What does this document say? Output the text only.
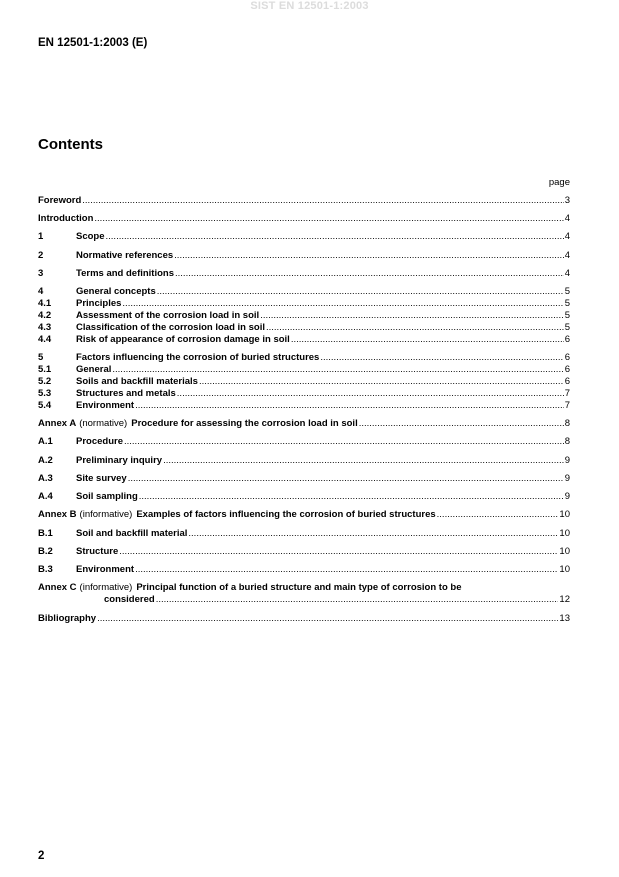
SIST EN 12501-1:2003
EN 12501-1:2003 (E)
Contents
page
Foreword .....	3
Introduction .....	4
1	Scope .....	4
2	Normative references .....	4
3	Terms and definitions .....	4
4	General concepts .....	5
4.1	Principles .....	5
4.2	Assessment of the corrosion load in soil .....	5
4.3	Classification of the corrosion load in soil .....	5
4.4	Risk of appearance of corrosion damage in soil .....	6
5	Factors influencing the corrosion of buried structures .....	6
5.1	General .....	6
5.2	Soils and backfill materials .....	6
5.3	Structures and metals .....	7
5.4	Environment .....	7
Annex A (normative) Procedure for assessing the corrosion load in soil .....	8
A.1	Procedure .....	8
A.2	Preliminary inquiry .....	9
A.3	Site survey .....	9
A.4	Soil sampling .....	9
Annex B (informative) Examples of factors influencing the corrosion of buried structures .....	10
B.1	Soil and backfill material .....	10
B.2	Structure .....	10
B.3	Environment .....	10
Annex C (informative) Principal function of a buried structure and main type of corrosion to be
considered .....	12
Bibliography .....	13
2
